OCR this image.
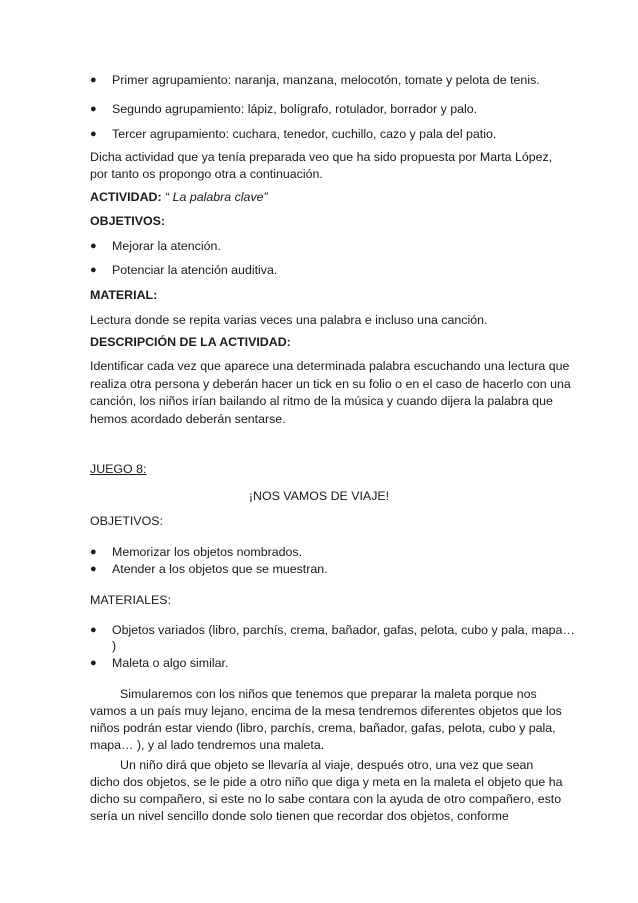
● Primer agrupamiento: naranja, manzana, melocotón, tomate y pelota de tenis.
● Segundo agrupamiento: lápiz, bolígrafo, rotulador, borrador y palo.
● Tercer agrupamiento: cuchara, tenedor, cuchillo, cazo y pala del patio.
Dicha actividad que ya tenía preparada veo que ha sido propuesta por Marta López,
por tanto os propongo otra a continuación.
ACTIVIDAD: “ La palabra clave”
OBJETIVOS:
● Mejorar la atención.
● Potenciar la atención auditiva.
MATERIAL:
Lectura donde se repita varias veces una palabra e incluso una canción.
DESCRIPCIÓN DE LA ACTIVIDAD:
Identificar cada vez que aparece una determinada palabra escuchando una lectura que
realiza otra persona y deberán hacer un tick en su folio o en el caso de hacerlo con una
canción, los niños irían bailando al ritmo de la música y cuando dijera la palabra que
hemos acordado deberán sentarse.
JUEGO 8:
¡NOS VAMOS DE VIAJE!
OBJETIVOS:
● Memorizar los objetos nombrados.
● Atender a los objetos que se muestran.
MATERIALES:
● Objetos variados (libro, parchís, crema, bañador, gafas, pelota, cubo y pala, mapa…
)
● Maleta o algo similar.
Simularemos con los niños que tenemos que preparar la maleta porque nos
vamos a un país muy lejano, encima de la mesa tendremos diferentes objetos que los
niños podrán estar viendo (libro, parchís, crema, bañador, gafas, pelota, cubo y pala,
mapa… ), y al lado tendremos una maleta.
Un niño dirá que objeto se llevaría al viaje, después otro, una vez que sean
dicho dos objetos, se le pide a otro niño que diga y meta en la maleta el objeto que ha
dicho su compañero, si este no lo sabe contara con la ayuda de otro compañero, esto
sería un nivel sencillo donde solo tienen que recordar dos objetos, conforme
